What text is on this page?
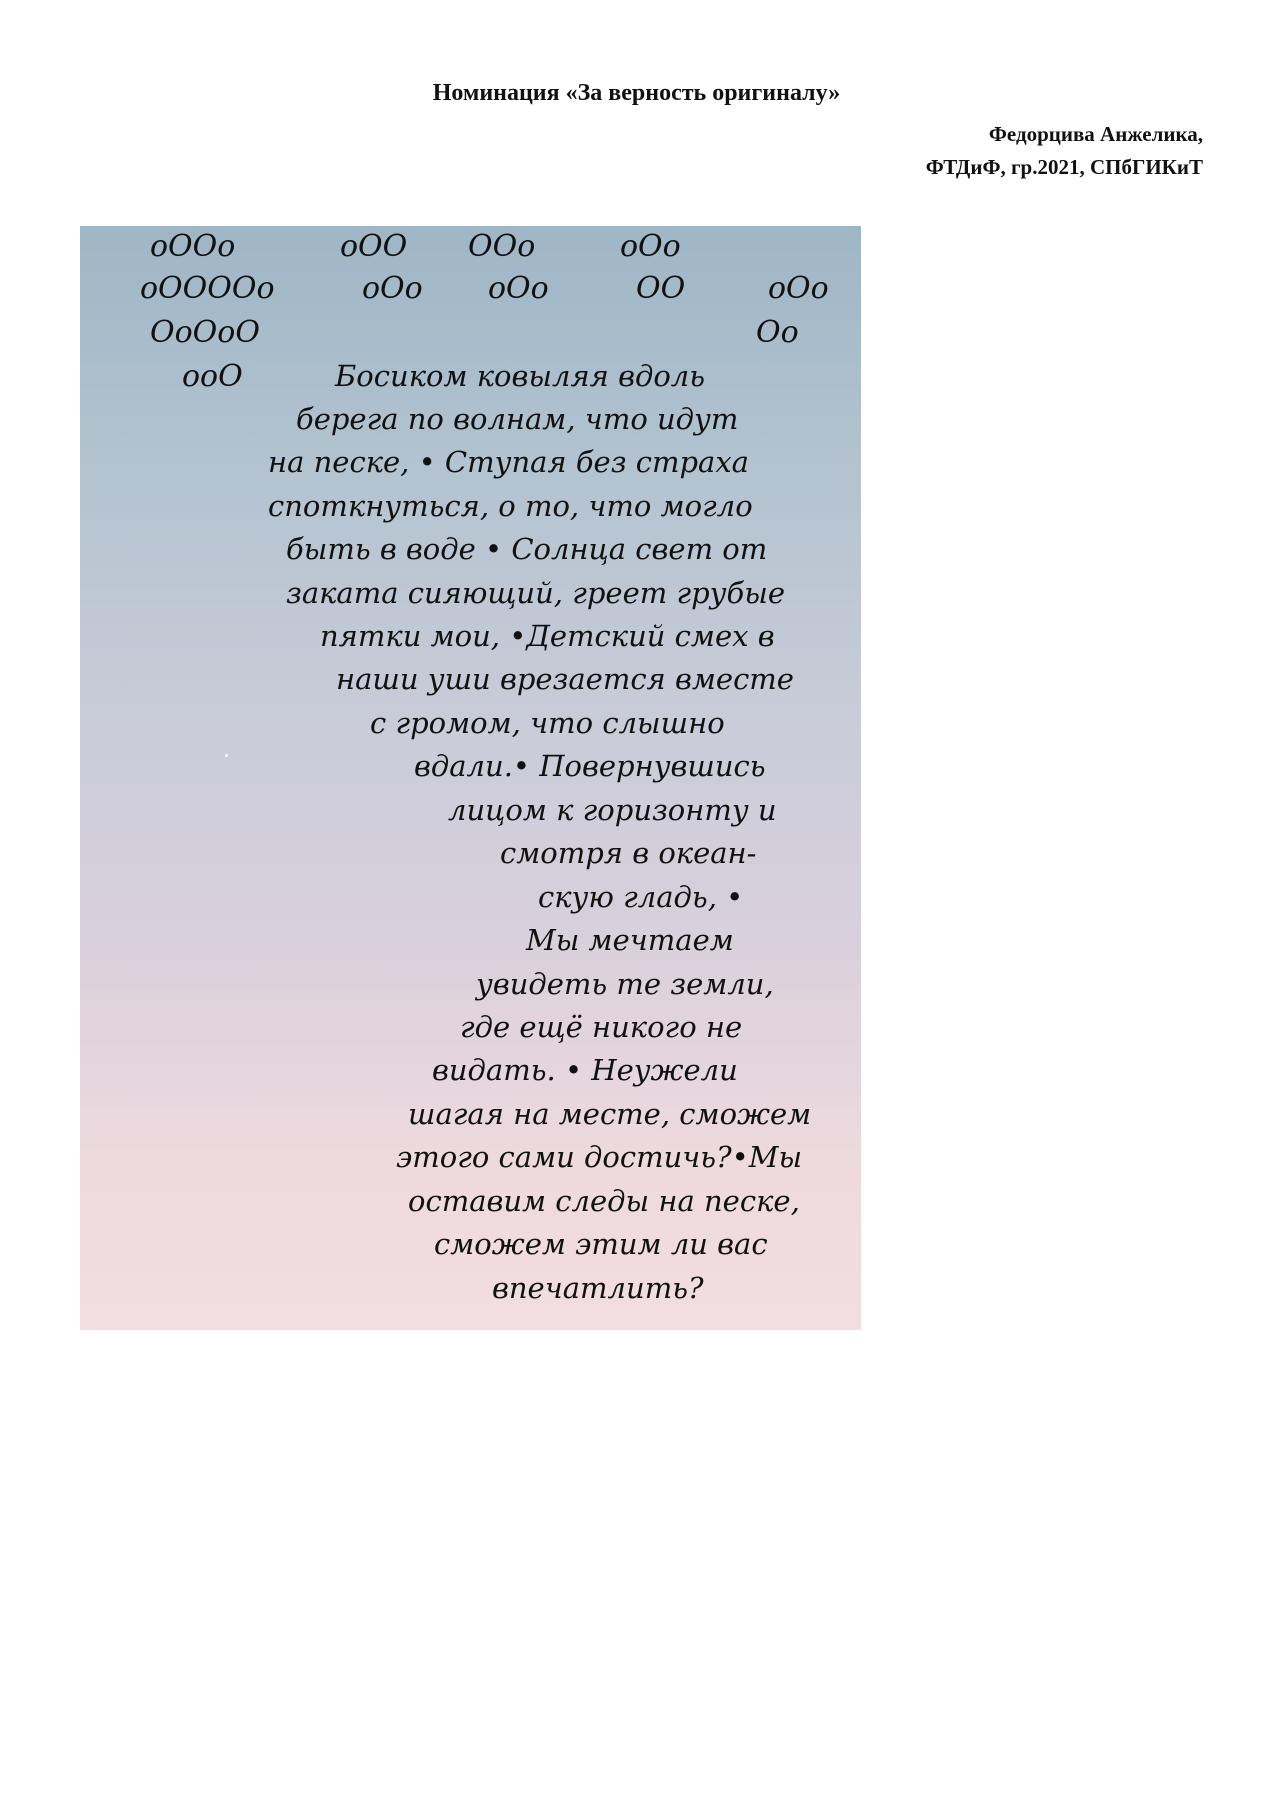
Номинация «За верность оригиналу»
Федорцива Анжелика,
ФТДиФ, гр.2021, СПбГИКиТ
oOOo	oOO OOo	oOo
oOOOOo	oOo oOo	OO	oOo
OoOoO	Oo
ooO	Босиком ковыляя вдоль
берега по волнам, что идут
на песке, • Ступая без страха
споткнуться, о то, что могло
быть в воде • Солнца свет от
заката сияющий, греет грубые
пятки мои, •Детский смех в
наши уши врезается вместе
с громом, что слышно
вдали.• Повернувшись
лицом к горизонту и
смотря в океан-
скую гладь, •
Мы мечтаем
увидеть те земли,
где ещё никого не
видать. • Неужели
шагая на месте, сможем
этого сами достичь?•Мы
оставим следы на песке,
сможем этим ли вас
впечатлить?
